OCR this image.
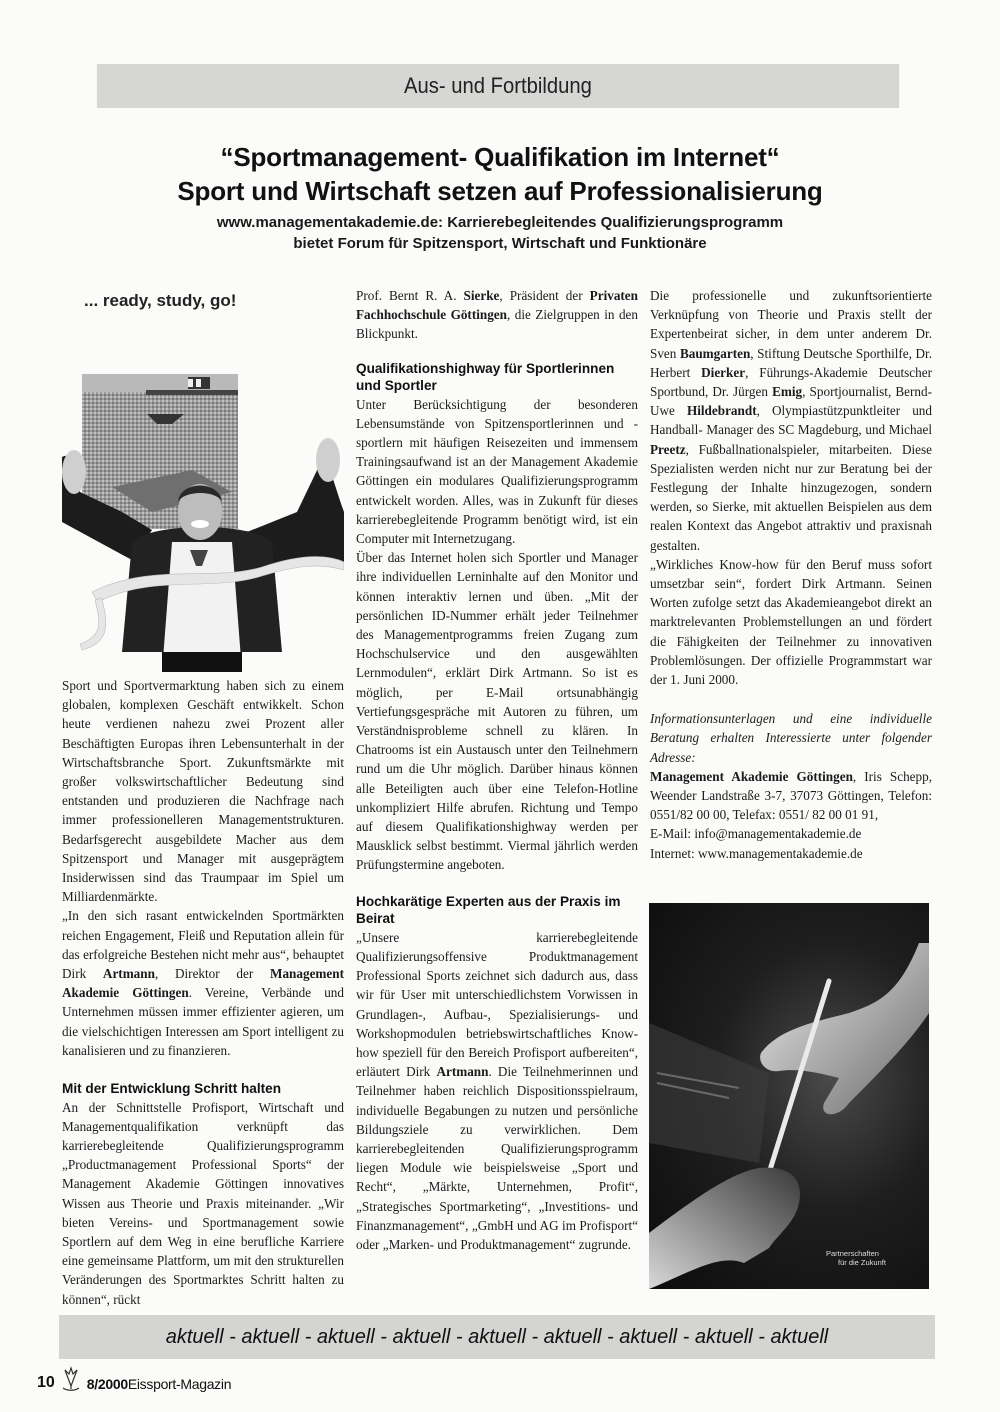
Aus- und Fortbildung
“Sportmanagement- Qualifikation im Internet“
Sport und Wirtschaft setzen auf Professionalisierung
www.managementakademie.de: Karrierebegleitendes Qualifizierungsprogramm
bietet Forum für Spitzensport, Wirtschaft und Funktionäre
... ready, study, go!

Sport und Sportvermarktung haben sich zu einem globalen, komplexen Geschäft entwikkelt. Schon heute verdienen nahezu zwei Prozent aller Beschäftigten Europas ihren Lebensunterhalt in der Wirtschaftsbranche Sport. Zukunftsmärkte mit großer volkswirtschaftlicher Bedeutung sind entstanden und produzieren die Nachfrage nach immer professionelleren Managementstrukturen. Bedarfsgerecht ausgebildete Macher aus dem Spitzensport und Manager mit ausgeprägtem Insiderwissen sind das Traumpaar im Spiel um Milliardenmärkte.

„In den sich rasant entwickelnden Sportmärkten reichen Engagement, Fleiß und Reputation allein für das erfolgreiche Bestehen nicht mehr aus“, behauptet Dirk Artmann, Direktor der Management Akademie Göttingen. Vereine, Verbände und Unternehmen müssen immer effizienter agieren, um die vielschichtigen Interessen am Sport intelligent zu kanalisieren und zu finanzieren.

Mit der Entwicklung Schritt halten

An der Schnittstelle Profisport, Wirtschaft und Managementqualifikation verknüpft das karrierebegleitende Qualifizierungsprogramm „Productmanagement Professional Sports“ der Management Akademie Göttingen innovatives Wissen aus Theorie und Praxis miteinander. „Wir bieten Vereins- und Sportmanagement sowie Sportlern auf dem Weg in eine berufliche Karriere eine gemeinsame Plattform, um mit den strukturellen Veränderungen des Sportmarktes Schritt halten zu können“, rückt

Prof. Bernt R. A. Sierke, Präsident der Privaten Fachhochschule Göttingen, die Zielgruppen in den Blickpunkt.

Qualifikationshighway für Sportlerinnen und Sportler

Unter Berücksichtigung der besonderen Lebensumstände von Spitzensportlerinnen und -sportlern mit häufigen Reisezeiten und immensem Trainingsaufwand ist an der Management Akademie Göttingen ein modulares Qualifizierungsprogramm entwickelt worden. Alles, was in Zukunft für dieses karrierebegleitende Programm benötigt wird, ist ein Computer mit Internetzugang.

Über das Internet holen sich Sportler und Manager ihre individuellen Lerninhalte auf den Monitor und können interaktiv lernen und üben. „Mit der persönlichen ID-Nummer erhält jeder Teilnehmer des Managementprogramms freien Zugang zum Hochschulservice und den ausgewählten Lernmodulen“, erklärt Dirk Artmann. So ist es möglich, per E-Mail ortsunabhängig Vertiefungsgespräche mit Autoren zu führen, um Verständnisprobleme schnell zu klären. In Chatrooms ist ein Austausch unter den Teilnehmern rund um die Uhr möglich. Darüber hinaus können alle Beteiligten auch über eine Telefon-Hotline unkompliziert Hilfe abrufen. Richtung und Tempo auf diesem Qualifikationshighway werden per Mausklick selbst bestimmt. Viermal jährlich werden Prüfungstermine angeboten.

Hochkarätige Experten aus der Praxis im Beirat

„Unsere karrierebegleitende Qualifizierungsoffensive Produktmanagement Professional Sports zeichnet sich dadurch aus, dass wir für User mit unterschiedlichstem Vorwissen in Grundlagen-, Aufbau-, Spezialisierungs- und Workshopmodulen betriebswirtschaftliches Know-how speziell für den Bereich Profisport aufbereiten“, erläutert Dirk Artmann. Die Teilnehmerinnen und Teilnehmer haben reichlich Dispositionsspielraum, individuelle Begabungen zu nutzen und persönliche Bildungsziele zu verwirklichen. Dem karrierebegleitenden Qualifizierungsprogramm liegen Module wie beispielsweise „Sport und Recht“, „Märkte, Unternehmen, Profit“, „Strategisches Sportmarketing“, „Investitions- und Finanzmanagement“, „GmbH und AG im Profisport“ oder „Marken- und Produktmanagement“ zugrunde.

Die professionelle und zukunftsorientierte Verknüpfung von Theorie und Praxis stellt der Expertenbeirat sicher, in dem unter anderem Dr. Sven Baumgarten, Stiftung Deutsche Sporthilfe, Dr. Herbert Dierker, Führungs-Akademie Deutscher Sportbund, Dr. Jürgen Emig, Sportjournalist, Bernd-Uwe Hildebrandt, Olympiastützpunktleiter und Handball- Manager des SC Magdeburg, und Michael Preetz, Fußballnationalspieler, mitarbeiten. Diese Spezialisten werden nicht nur zur Beratung bei der Festlegung der Inhalte hinzugezogen, sondern werden, so Sierke, mit aktuellen Beispielen aus dem realen Kontext das Angebot attraktiv und praxisnah gestalten.

„Wirkliches Know-how für den Beruf muss sofort umsetzbar sein“, fordert Dirk Artmann. Seinen Worten zufolge setzt das Akademieangebot direkt an marktrelevanten Problemstellungen an und fördert die Fähigkeiten der Teilnehmer zu innovativen Problemlösungen. Der offizielle Programmstart war der 1. Juni 2000.

Informationsunterlagen und eine individuelle Beratung erhalten Interessierte unter folgender Adresse:

Management Akademie Göttingen, Iris Schepp, Weender Landstraße 3-7, 37073 Göttingen, Telefon: 0551/82 00 00, Telefax: 0551/ 82 00 01 91,

E-Mail: info@managementakademie.de

Internet: www.managementakademie.de

Partnerschaften
für die Zukunft
aktuell - aktuell - aktuell - aktuell - aktuell - aktuell - aktuell - aktuell - aktuell
10 8/2000 Eissport-Magazin
